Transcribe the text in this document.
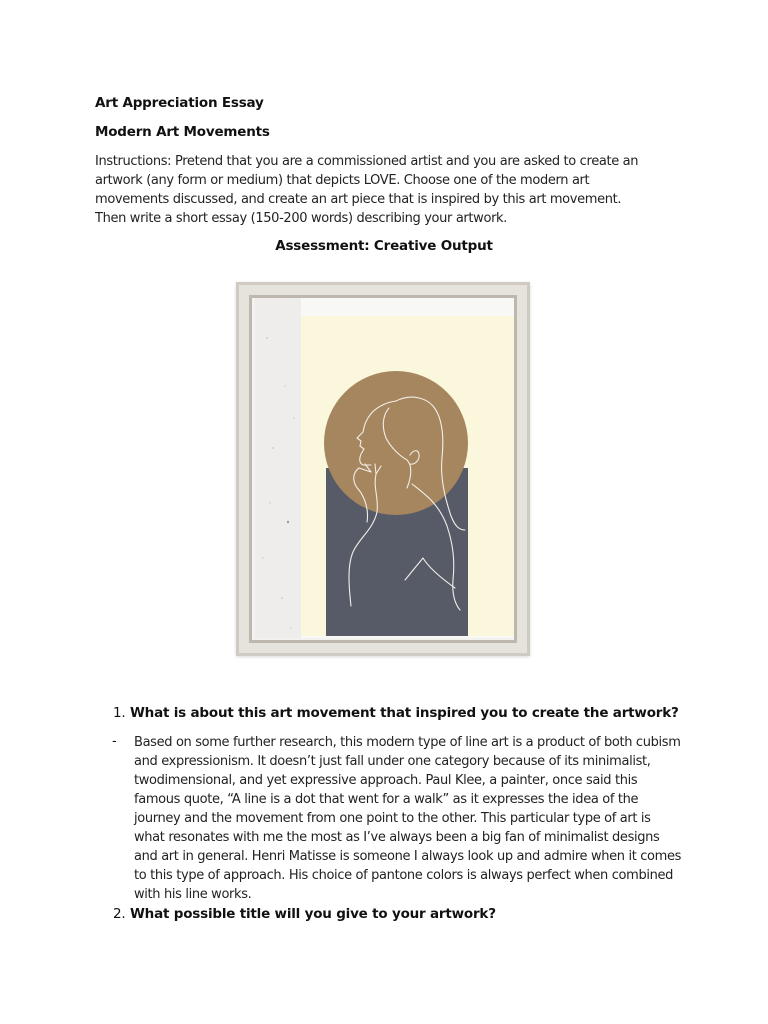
Art Appreciation Essay
Modern Art Movements
Instructions: Pretend that you are a commissioned artist and you are asked to create an artwork (any form or medium) that depicts LOVE. Choose one of the modern art movements discussed, and create an art piece that is inspired by this art movement. Then write a short essay (150-200 words) describing your artwork.
Assessment: Creative Output
1. What is about this art movement that inspired you to create the artwork?
- Based on some further research, this modern type of line art is a product of both cubism and expressionism. It doesn’t just fall under one category because of its minimalist, twodimensional, and yet expressive approach. Paul Klee, a painter, once said this famous quote, “A line is a dot that went for a walk” as it expresses the idea of the journey and the movement from one point to the other. This particular type of art is what resonates with me the most as I’ve always been a big fan of minimalist designs and art in general. Henri Matisse is someone I always look up and admire when it comes to this type of approach. His choice of pantone colors is always perfect when combined with his line works.
2. What possible title will you give to your artwork?
